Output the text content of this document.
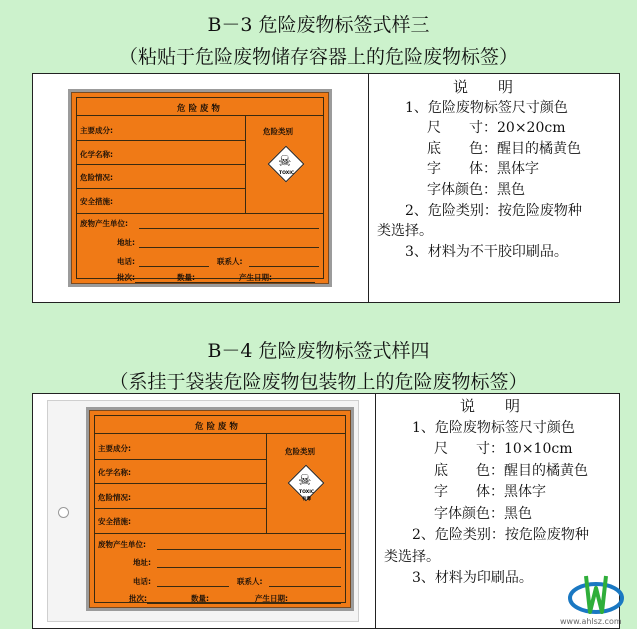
B－3 危险废物标签式样三
（粘贴于危险废物储存容器上的危险废物标签）
危 险 废 物
主要成分:
化学名称:
危险情况:
安全措施:
危险类别
☠
TOXIC
废物产生单位:
地址:
电话:	联系人:
批次:	数量:	产生日期:
说　　明
1、危险废物标签尺寸颜色
尺　　寸：20×20cm
底　　色：醒目的橘黄色
字　　体：黑体字
字体颜色：黑色
2、危险类别：按危险废物种
类选择。
3、材料为不干胶印刷品。
B－4 危险废物标签式样四
（系挂于袋装危险废物包装物上的危险废物标签）
危 险 废 物
主要成分:
化学名称:
危险情况:
安全措施:
危险类别
☠
TOXIC
有毒
废物产生单位:
地址:
电话:	联系人:
批次:	数量:	产生日期:
说　　明
1、危险废物标签尺寸颜色
尺　　寸：10×10cm
底　　色：醒目的橘黄色
字　　体：黑体字
字体颜色：黑色
2、危险类别：按危险废物种
类选择。
3、材料为印刷品。
www.ahlsz.com
